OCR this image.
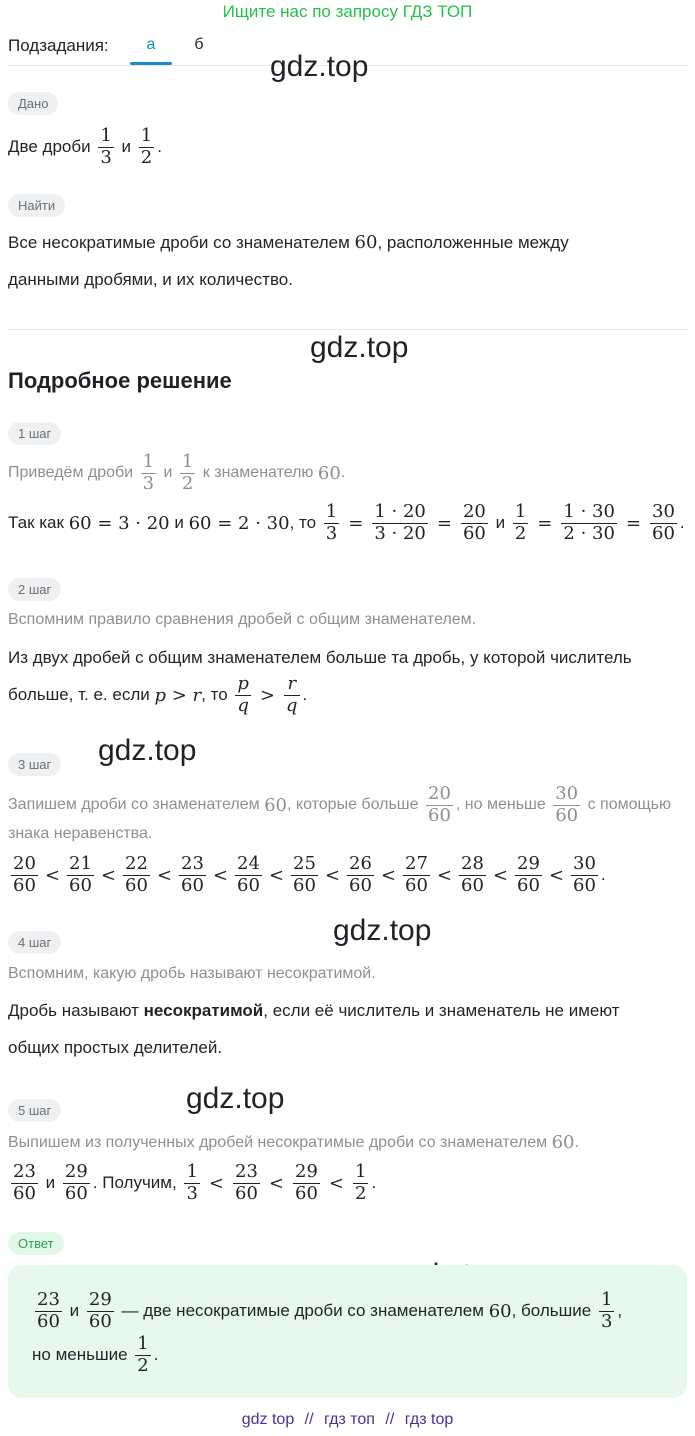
Ищите нас по запросу ГДЗ ТОП
Подзадания:	а	б
gdz.top
gdz.top
gdz.top
gdz.top
gdz.top
Дано
Две дроби
$\frac{1}{3}$
и
$\frac{1}{2}$ .
Найти
Все несократимые дроби со знаменателем
60 , расположенные между
данными дробями, и их количество.
Подробное решение
1 шаг
Приведём дроби
$\frac{1}{3}$
и
$\frac{1}{2}$
к знаменателю
60 .
Так как
60 = 3 · 20
и
60 = 2 · 30 , то
$\frac{1}{3} = \frac{1 \cdot 20}{3 \cdot 20} = \frac{20}{60}$
и
$\frac{1}{2} = \frac{1 \cdot 30}{2 \cdot 30} = \frac{30}{60}$ .
2 шаг
Вспомним правило сравнения дробей с общим знаменателем.
Из двух дробей с общим знаменателем больше та дробь, у которой числитель
больше, т. е. если
p > r , то
$\frac{p}{q} > \frac{r}{q}$ .
3 шаг
Запишем дроби со знаменателем
60 , которые больше
$\frac{20}{60}$ , но меньше
$\frac{30}{60}$
с помощью
знака неравенства.
$\frac{20}{60} < \frac{21}{60} < \frac{22}{60} < \frac{23}{60} < \frac{24}{60} < \frac{25}{60} < \frac{26}{60} < \frac{27}{60} < \frac{28}{60} < \frac{29}{60} < \frac{30}{60}$ .
4 шаг
Вспомним, какую дробь называют несократимой.
Дробь называют
несократимой , если её числитель и знаменатель не имеют
общих простых делителей.
5 шаг
Выпишем из полученных дробей несократимые дроби со знаменателем
60 .
$\frac{23}{60}$
и
$\frac{29}{60}$ . Получим,
$\frac{1}{3} < \frac{23}{60} < \frac{29}{60} < \frac{1}{2}$ .
Ответ
$\frac{23}{60}$
и
$\frac{29}{60}$
— две несократимые дроби со знаменателем
60 , большие
$\frac{1}{3}$ ,
но меньшие
$\frac{1}{2}$ .
gdz top // гдз топ // гдз top
